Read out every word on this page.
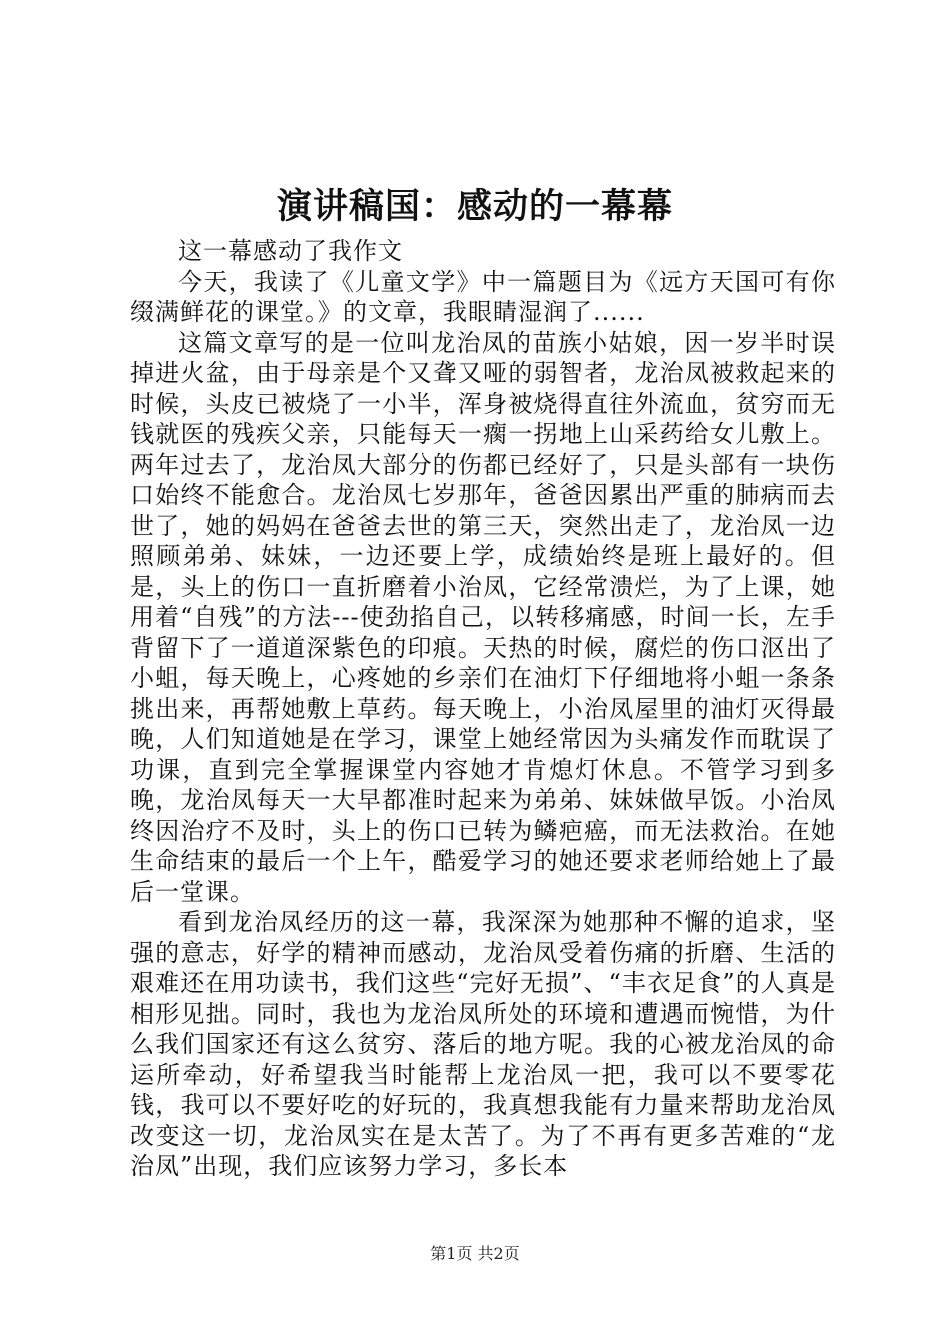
演讲稿国：感动的一幕幕

这一幕感动了我作文

今天，我读了《儿童文学》中一篇题目为《远方天国可有你缀满鲜花的课堂。》的文章，我眼睛湿润了......

这篇文章写的是一位叫龙治凤的苗族小姑娘，因一岁半时误掉进火盆，由于母亲是个又聋又哑的弱智者，龙治凤被救起来的时候，头皮已被烧了一小半，浑身被烧得直往外流血，贫穷而无钱就医的残疾父亲，只能每天一瘸一拐地上山采药给女儿敷上。两年过去了，龙治凤大部分的伤都已经好了，只是头部有一块伤口始终不能愈合。龙治凤七岁那年，爸爸因累出严重的肺病而去世了，她的妈妈在爸爸去世的第三天，突然出走了，龙治凤一边照顾弟弟、妹妹，一边还要上学，成绩始终是班上最好的。但是，头上的伤口一直折磨着小治凤，它经常溃烂，为了上课，她用着“自残”的方法---使劲掐自己，以转移痛感，时间一长，左手背留下了一道道深紫色的印痕。天热的时候，腐烂的伤口沤出了小蛆，每天晚上，心疼她的乡亲们在油灯下仔细地将小蛆一条条挑出来，再帮她敷上草药。每天晚上，小治凤屋里的油灯灭得最晚，人们知道她是在学习，课堂上她经常因为头痛发作而耽误了功课，直到完全掌握课堂内容她才肯熄灯休息。不管学习到多晚，龙治凤每天一大早都准时起来为弟弟、妹妹做早饭。小治凤终因治疗不及时，头上的伤口已转为鳞疤癌，而无法救治。在她生命结束的最后一个上午，酷爱学习的她还要求老师给她上了最后一堂课。

看到龙治凤经历的这一幕，我深深为她那种不懈的追求，坚强的意志，好学的精神而感动，龙治凤受着伤痛的折磨、生活的艰难还在用功读书，我们这些“完好无损”、“丰衣足食”的人真是相形见拙。同时，我也为龙治凤所处的环境和遭遇而惋惜，为什么我们国家还有这么贫穷、落后的地方呢。我的心被龙治凤的命运所牵动，好希望我当时能帮上龙治凤一把，我可以不要零花钱，我可以不要好吃的好玩的，我真想我能有力量来帮助龙治凤改变这一切，龙治凤实在是太苦了。为了不再有更多苦难的“龙治凤”出现，我们应该努力学习，多长本

第1页 共2页
